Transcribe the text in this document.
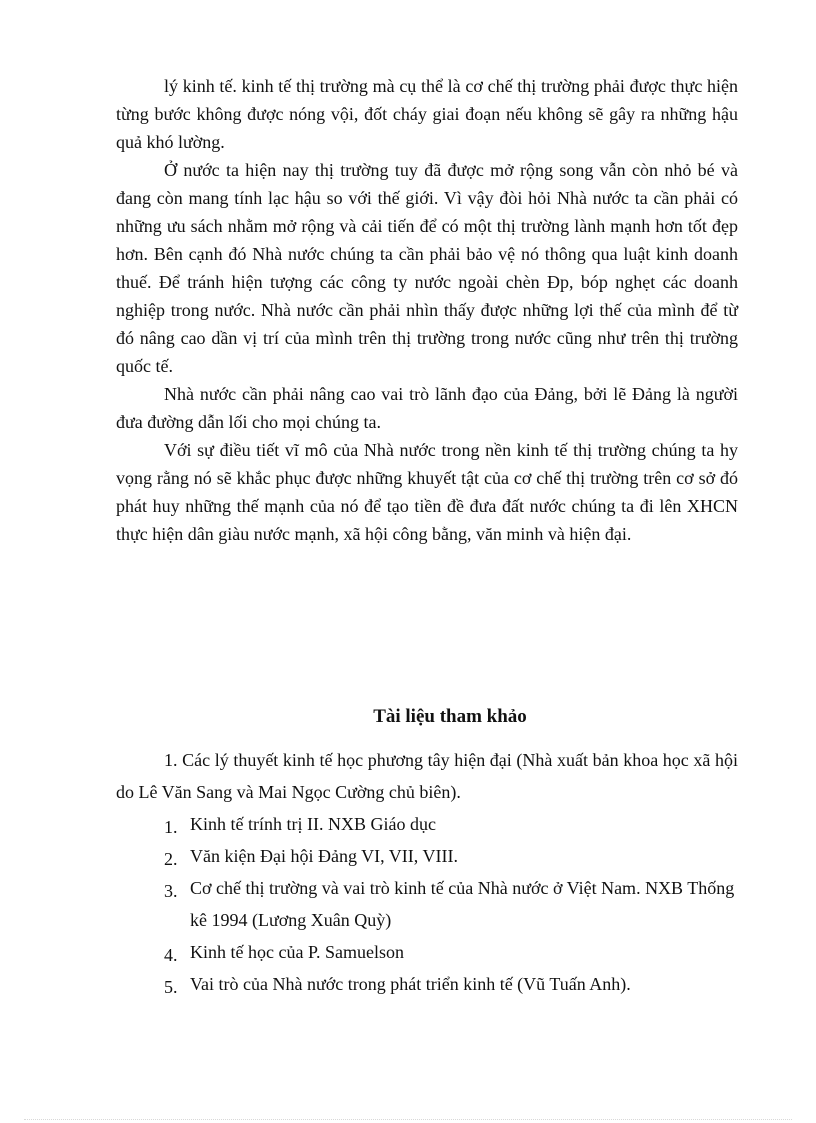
lý kinh tế. kinh tế thị trường mà cụ thể là cơ chế thị trường phải được thực hiện từng bước không được nóng vội, đốt cháy giai đoạn nếu không sẽ gây ra những hậu quả khó lường.

Ở nước ta hiện nay thị trường tuy đã được mở rộng song vẫn còn nhỏ bé và đang còn mang tính lạc hậu so với thế giới. Vì vậy đòi hỏi Nhà nước ta cần phải có những ưu sách nhằm mở rộng và cải tiến để có một thị trường lành mạnh hơn tốt đẹp hơn. Bên cạnh đó Nhà nước chúng ta cần phải bảo vệ nó thông qua luật kinh doanh thuế. Để tránh hiện tượng các công ty nước ngoài chèn Đp, bóp nghẹt các doanh nghiệp trong nước. Nhà nước cần phải nhìn thấy được những lợi thế của mình để từ đó nâng cao dần vị trí của mình trên thị trường trong nước cũng như trên thị trường quốc tế.

Nhà nước cần phải nâng cao vai trò lãnh đạo của Đảng, bởi lẽ Đảng là người đưa đường dẫn lối cho mọi chúng ta.

Với sự điều tiết vĩ mô của Nhà nước trong nền kinh tế thị trường chúng ta hy vọng rằng nó sẽ khắc phục được những khuyết tật của cơ chế thị trường trên cơ sở đó phát huy những thế mạnh của nó để tạo tiền đề đưa đất nước chúng ta đi lên XHCN thực hiện dân giàu nước mạnh, xã hội công bằng, văn minh và hiện đại.

Tài liệu tham khảo

1. Các lý thuyết kinh tế học phương tây hiện đại (Nhà xuất bản khoa học xã hội do Lê Văn Sang và Mai Ngọc Cường chủ biên).

1. Kinh tế trính trị II. NXB Giáo dục
2. Văn kiện Đại hội Đảng VI, VII, VIII.
3. Cơ chế thị trường và vai trò kinh tế của Nhà nước ở Việt Nam. NXB Thống kê 1994 (Lương Xuân Quỳ)
4. Kinh tế học của P. Samuelson
5. Vai trò của Nhà nước trong phát triển kinh tế (Vũ Tuấn Anh).
